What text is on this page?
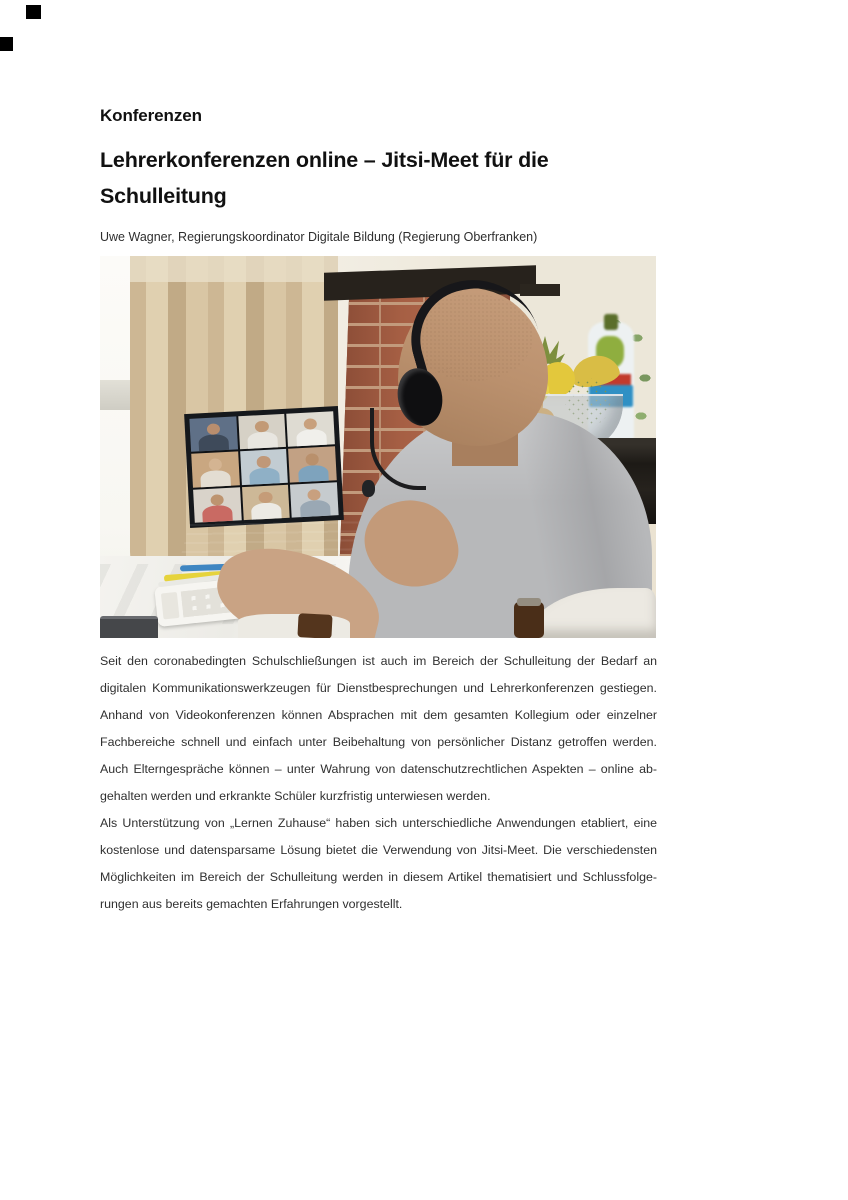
Konferenzen
Lehrerkonferenzen online – Jitsi-Meet für die Schulleitung
Uwe Wagner, Regierungskoordinator Digitale Bildung (Regierung Oberfranken)
Seit den coronabedingten Schulschließungen ist auch im Bereich der Schulleitung der Bedarf an
digitalen Kommunikationswerkzeugen für Dienstbesprechungen und Lehrerkonferenzen gestiegen.
Anhand von Videokonferenzen können Absprachen mit dem gesamten Kollegium oder einzelner
Fachbereiche schnell und einfach unter Beibehaltung von persönlicher Distanz getroffen werden.
Auch Elterngespräche können – unter Wahrung von datenschutzrechtlichen Aspekten – online ab-
gehalten werden und erkrankte Schüler kurzfristig unterwiesen werden.
Als Unterstützung von „Lernen Zuhause“ haben sich unterschiedliche Anwendungen etabliert, eine
kostenlose und datensparsame Lösung bietet die Verwendung von Jitsi-Meet. Die verschiedensten
Möglichkeiten im Bereich der Schulleitung werden in diesem Artikel thematisiert und Schlussfolge-
rungen aus bereits gemachten Erfahrungen vorgestellt.
